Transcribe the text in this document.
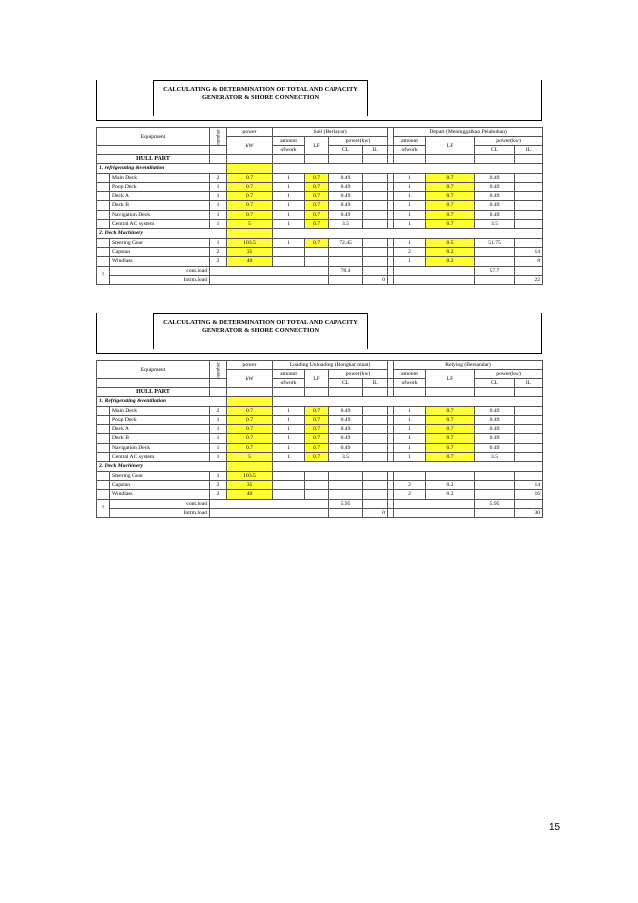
CALCULATING & DETERMINATION OF TOTAL AND CAPACITY
GENERATOR & SHORE CONNECTION
Equipment		number	power	Sail (Berlayar)					Depart (Meninggalkan Pelabuhan)			
			kW	amount	LF	power(kw)			amount	LF	power(kw)	
				ofwork		CL	IL		ofwork		CL	IL
HULL PART												
1. refrigerating &ventilation												
	Main Deck	2	0.7	1	0.7	0.49			1	0.7	0.49	
	Poop Deck	1	0.7	1	0.7	0.49			1	0.7	0.49	
	Deck A	1	0.7	1	0.7	0.49			1	0.7	0.49	
	Deck B	1	0.7	1	0.7	0.49			1	0.7	0.49	
	Navigation Deck	1	0.7	1	0.7	0.49			1	0.7	0.49	
	Central AC system	1	5	1	0.7	3.5			1	0.7	3.5	
2. Deck Machinery												
	Steering Gear	1	103.5	1	0.7	72.45			1	0.5	51.75	
	Capstan	2	35						2	0.2		14
	Windlass	2	40						1	0.2		8
?	cont.load					78.4					57.7	
	Intrm.load						0					22
CALCULATING & DETERMINATION OF TOTAL AND CAPACITY
GENERATOR & SHORE CONNECTION
Equipment		number	power	Loading Unloading (Bongkar muat)					Relying (Bersandar)			
			kW	amount	LF	power(kw)			amount	LF	power(kw)	
				ofwork		CL	IL		ofwork		CL	IL
HULL PART												
1. Refrigerating &ventilation												
	Main Deck	2	0.7	1	0.7	0.49			1	0.7	0.49	
	Poop Deck	1	0.7	1	0.7	0.49			1	0.7	0.49	
	Deck A	1	0.7	1	0.7	0.49			1	0.7	0.49	
	Deck B	1	0.7	1	0.7	0.49			1	0.7	0.49	
	Navigation Deck	1	0.7	1	0.7	0.49			1	0.7	0.49	
	Central AC system	1	5	1	0.7	3.5			1	0.7	3.5	
2. Deck Machinery												
	Steering Gear	1	103.5									
	Capstan	2	35						2	0.2		14
	Windlass	2	40						2	0.2		16
?	cont.load					5.95					5.95	
	Intrm.load						0					30
15
